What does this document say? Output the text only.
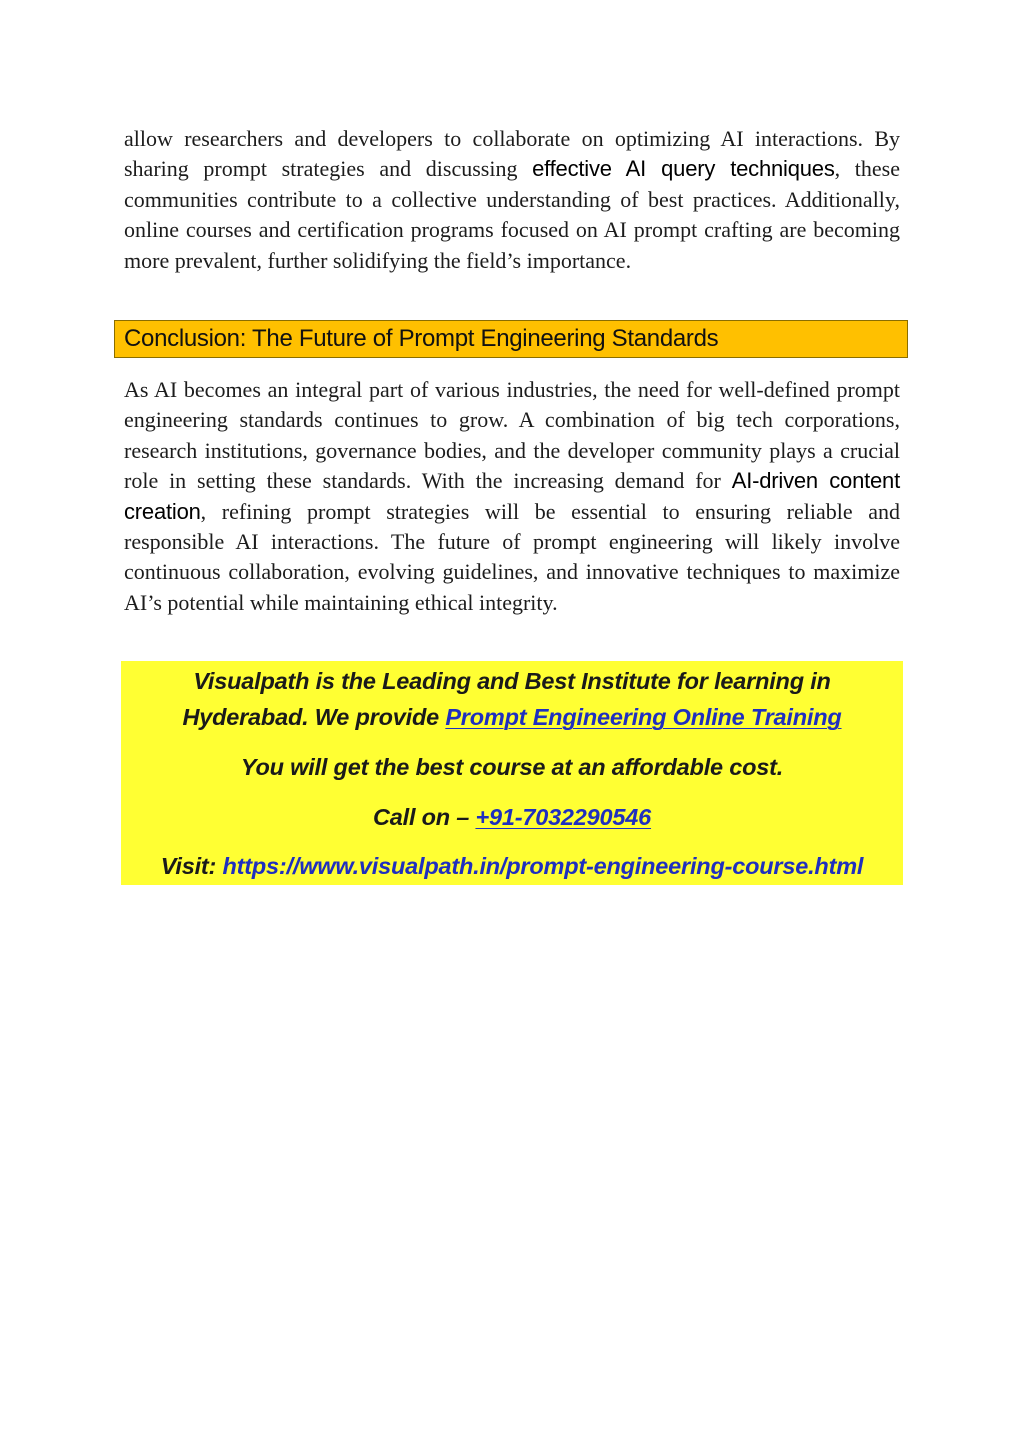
allow researchers and developers to collaborate on optimizing AI interactions. By sharing prompt strategies and discussing effective AI query techniques, these communities contribute to a collective understanding of best practices. Additionally, online courses and certification programs focused on AI prompt crafting are becoming more prevalent, further solidifying the field’s importance.

Conclusion: The Future of Prompt Engineering Standards

As AI becomes an integral part of various industries, the need for well-defined prompt engineering standards continues to grow. A combination of big tech corporations, research institutions, governance bodies, and the developer community plays a crucial role in setting these standards. With the increasing demand for AI-driven content creation, refining prompt strategies will be essential to ensuring reliable and responsible AI interactions. The future of prompt engineering will likely involve continuous collaboration, evolving guidelines, and innovative techniques to maximize AI’s potential while maintaining ethical integrity.

Visualpath is the Leading and Best Institute for learning in

Hyderabad. We provide Prompt Engineering Online Training

You will get the best course at an affordable cost.

Call on – +91-7032290546

Visit: https://www.visualpath.in/prompt-engineering-course.html
